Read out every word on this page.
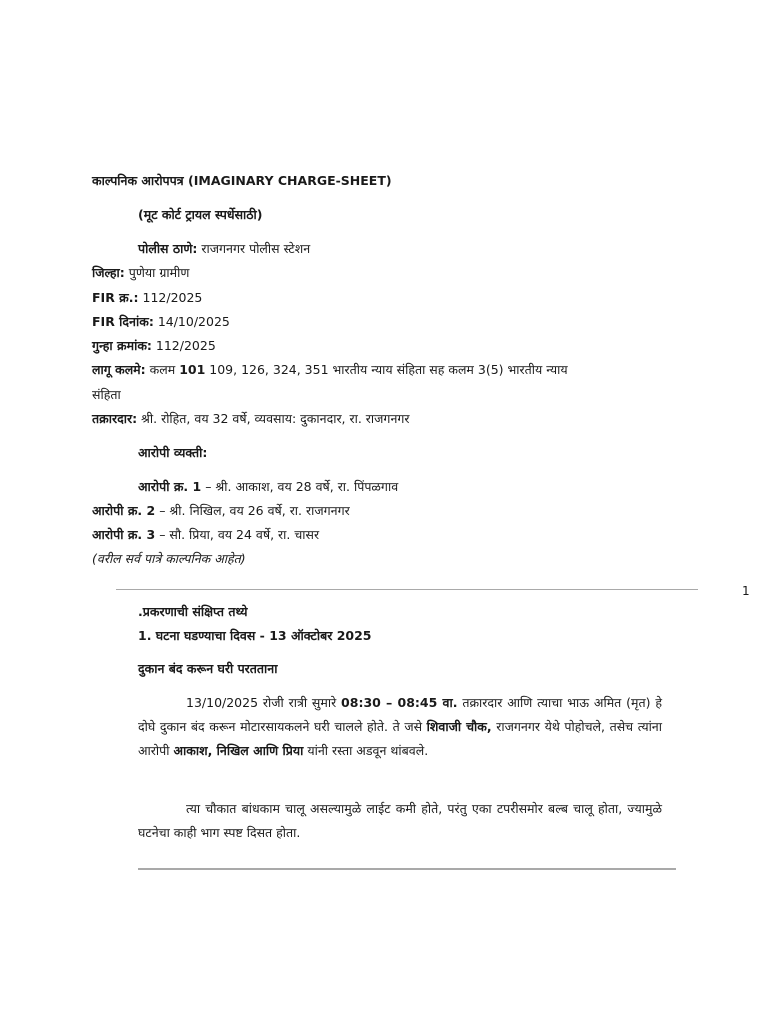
काल्पनिक आरोपपत्र (IMAGINARY CHARGE-SHEET)
(मूट कोर्ट ट्रायल स्पर्धेसाठी)
पोलीस ठाणे: राजगनगर पोलीस स्टेशन
जिल्हा: पुणेया ग्रामीण
FIR क्र.: 112/2025
FIR दिनांक: 14/10/2025
गुन्हा क्रमांक: 112/2025
लागू कलमे: कलम 101 109, 126, 324, 351 भारतीय न्याय संहिता सह कलम 3(5) भारतीय न्याय
संहिता
तक्रारदार: श्री. रोहित, वय 32 वर्षे, व्यवसाय: दुकानदार, रा. राजगनगर
आरोपी व्यक्ती:
आरोपी क्र. 1 – श्री. आकाश, वय 28 वर्षे, रा. पिंपळगाव
आरोपी क्र. 2 – श्री. निखिल, वय 26 वर्षे, रा. राजगनगर
आरोपी क्र. 3 – सौ. प्रिया, वय 24 वर्षे, रा. चासर
(वरील सर्व पात्रे काल्पनिक आहेत)
1
.प्रकरणाची संक्षिप्त तथ्ये
1. घटना घडण्याचा दिवस - 13 ऑक्टोबर 2025
दुकान बंद करून घरी परतताना
13/10/2025 रोजी रात्री सुमारे 08:30 – 08:45 वा. तक्रारदार आणि त्याचा भाऊ अमित (मृत) हे दोघे दुकान बंद करून मोटारसायकलने घरी चालले होते. ते जसे शिवाजी चौक, राजगनगर येथे पोहोचले, तसेच त्यांना आरोपी आकाश, निखिल आणि प्रिया यांनी रस्ता अडवून थांबवले.
त्या चौकात बांधकाम चालू असल्यामुळे लाईट कमी होते, परंतु एका टपरीसमोर बल्ब चालू होता, ज्यामुळे घटनेचा काही भाग स्पष्ट दिसत होता.
